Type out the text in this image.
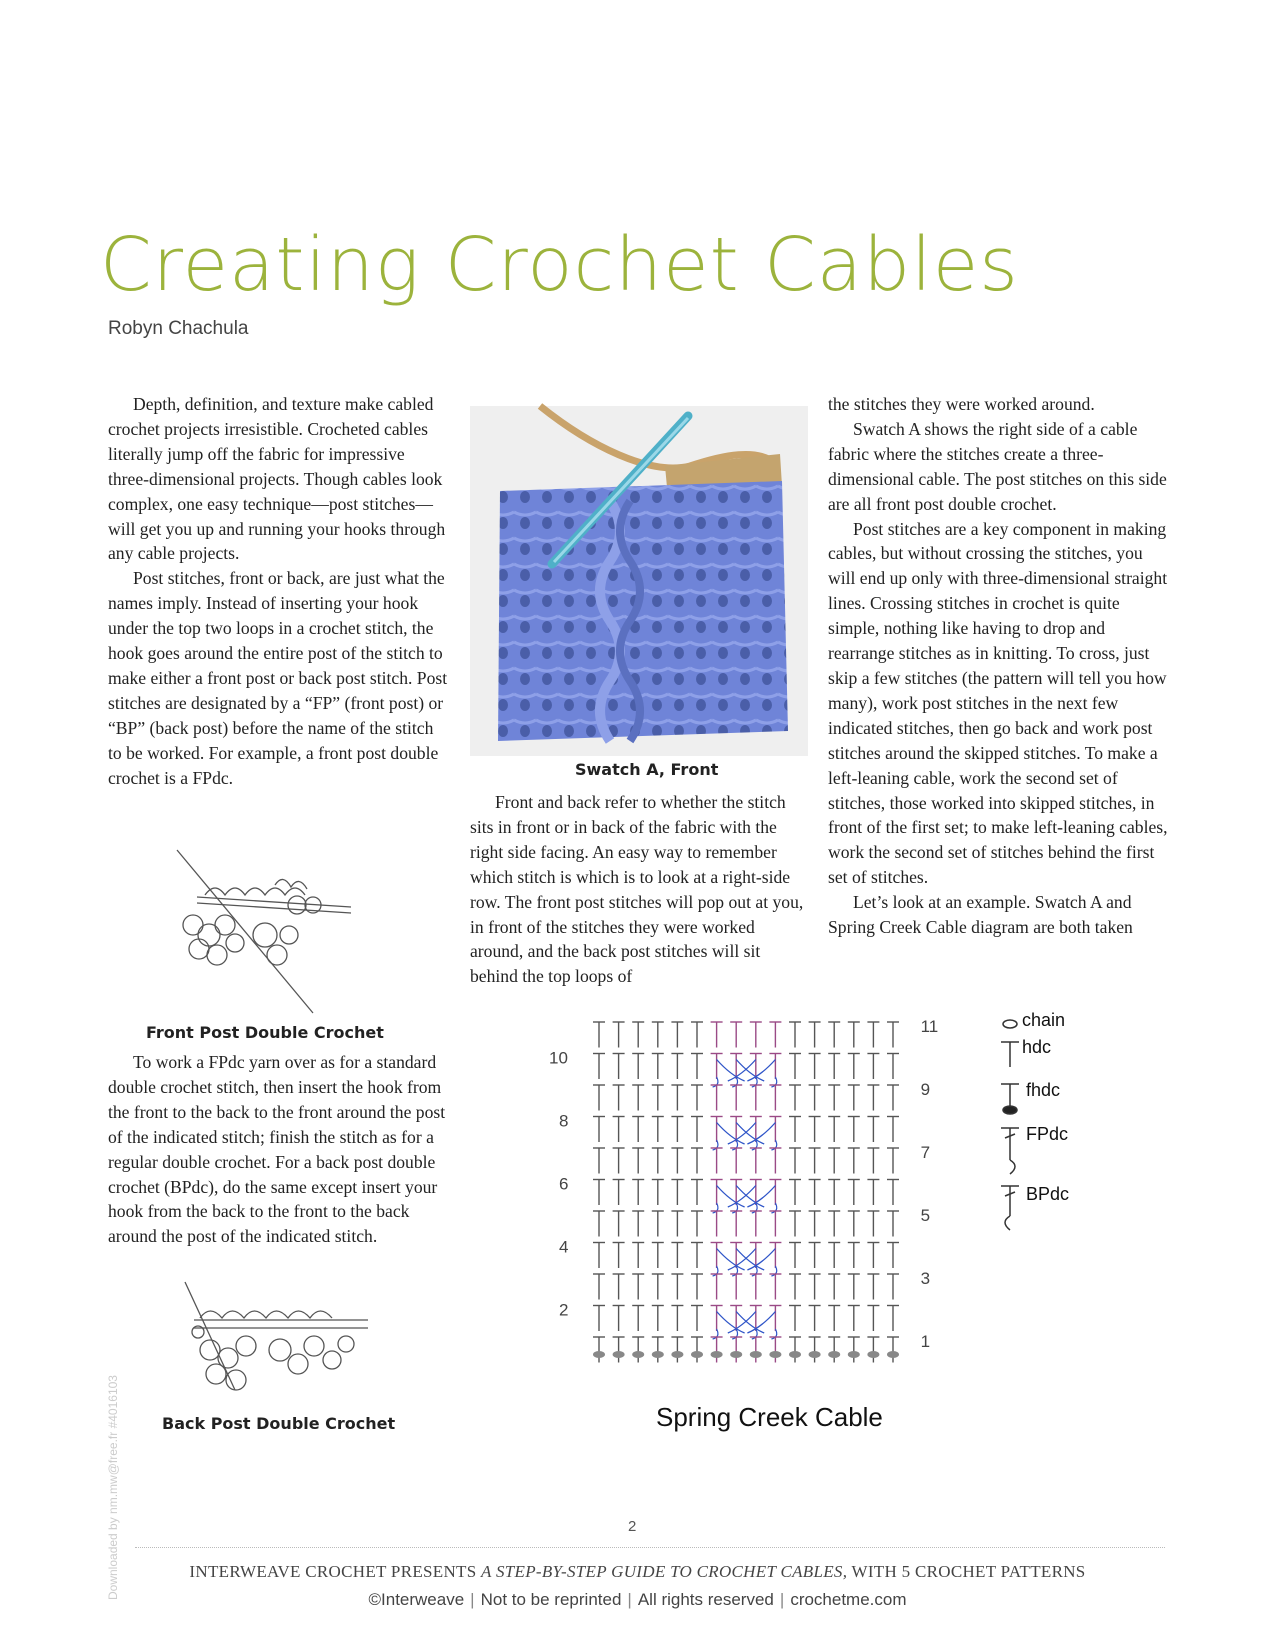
Creating Crochet Cables
Robyn Chachula

Depth, definition, and texture make cabled crochet projects irresistible. Crocheted cables literally jump off the fabric for impressive three-dimensional projects. Though cables look complex, one easy technique—post stitches—will get you up and running your hooks through any cable projects.

Post stitches, front or back, are just what the names imply. Instead of inserting your hook under the top two loops in a crochet stitch, the hook goes around the entire post of the stitch to make either a front post or back post stitch. Post stitches are designated by a “FP” (front post) or “BP” (back post) before the name of the stitch to be worked. For example, a front post double crochet is a FPdc.

Front Post Double Crochet

To work a FPdc yarn over as for a standard double crochet stitch, then insert the hook from the front to the back to the front around the post of the indicated stitch; finish the stitch as for a regular double crochet. For a back post double crochet (BPdc), do the same except insert your hook from the back to the front to the back around the post of the indicated stitch.

Back Post Double Crochet
Swatch A, Front

Front and back refer to whether the stitch sits in front or in back of the fabric with the right side facing. An easy way to remember which stitch is which is to look at a right-side row. The front post stitches will pop out at you, in front of the stitches they were worked around, and the back post stitches will sit behind the top loops of

the stitches they were worked around.

Swatch A shows the right side of a cable fabric where the stitches create a three-dimensional cable. The post stitches on this side are all front post double crochet.

Post stitches are a key component in making cables, but without crossing the stitches, you will end up only with three-dimensional straight lines. Crossing stitches in crochet is quite simple, nothing like having to drop and rearrange stitches as in knitting. To cross, just skip a few stitches (the pattern will tell you how many), work post stitches in the next few indicated stitches, then go back and work post stitches around the skipped stitches. To make a left-leaning cable, work the second set of stitches, those worked into skipped stitches, in front of the first set; to make left-leaning cables, work the second set of stitches behind the first set of stitches.

Let’s look at an example. Swatch A and Spring Creek Cable diagram are both taken

10
8
6
4
2
11
9
7
5
3
1
Spring Creek Cable
chain
hdc
fhdc
FPdc
BPdc
Downloaded by nm.mw@free.fr #4016103	2
INTERWEAVE CROCHET PRESENTS A STEP-BY-STEP GUIDE TO CROCHET CABLES, WITH 5 CROCHET PATTERNS
©Interweave | Not to be reprinted | All rights reserved | crochetme.com
